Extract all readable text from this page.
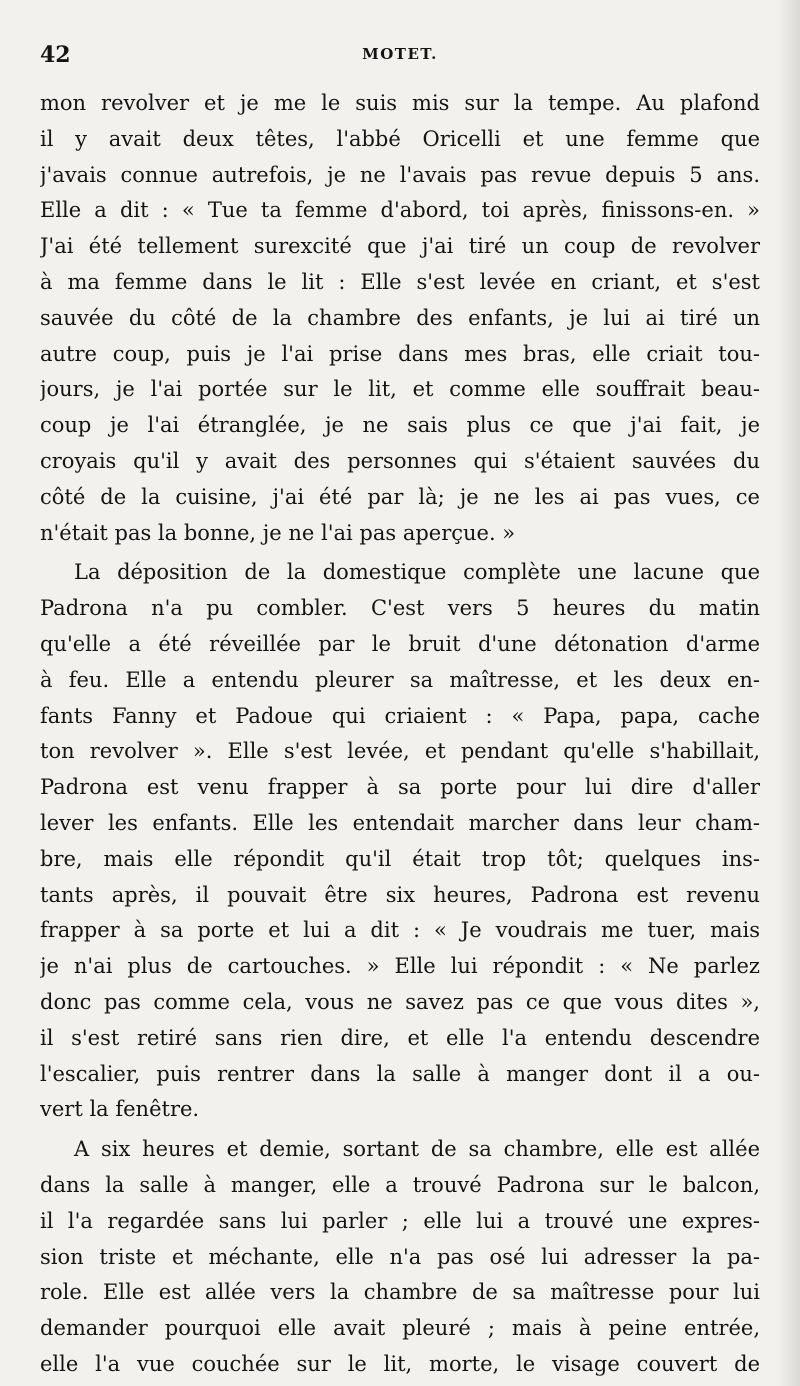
42	MOTET.
mon revolver et je me le suis mis sur la tempe. Au plafond
il y avait deux têtes, l'abbé Oricelli et une femme que
j'avais connue autrefois, je ne l'avais pas revue depuis 5 ans.
Elle a dit : « Tue ta femme d'abord, toi après, finissons-en. »
J'ai été tellement surexcité que j'ai tiré un coup de revolver
à ma femme dans le lit : Elle s'est levée en criant, et s'est
sauvée du côté de la chambre des enfants, je lui ai tiré un
autre coup, puis je l'ai prise dans mes bras, elle criait tou-
jours, je l'ai portée sur le lit, et comme elle souffrait beau-
coup je l'ai étranglée, je ne sais plus ce que j'ai fait, je
croyais qu'il y avait des personnes qui s'étaient sauvées du
côté de la cuisine, j'ai été par là; je ne les ai pas vues, ce
n'était pas la bonne, je ne l'ai pas aperçue. »
La déposition de la domestique complète une lacune que
Padrona n'a pu combler. C'est vers 5 heures du matin
qu'elle a été réveillée par le bruit d'une détonation d'arme
à feu. Elle a entendu pleurer sa maîtresse, et les deux en-
fants Fanny et Padoue qui criaient : « Papa, papa, cache
ton revolver ». Elle s'est levée, et pendant qu'elle s'habillait,
Padrona est venu frapper à sa porte pour lui dire d'aller
lever les enfants. Elle les entendait marcher dans leur cham-
bre, mais elle répondit qu'il était trop tôt; quelques ins-
tants après, il pouvait être six heures, Padrona est revenu
frapper à sa porte et lui a dit : « Je voudrais me tuer, mais
je n'ai plus de cartouches. » Elle lui répondit : « Ne parlez
donc pas comme cela, vous ne savez pas ce que vous dites »,
il s'est retiré sans rien dire, et elle l'a entendu descendre
l'escalier, puis rentrer dans la salle à manger dont il a ou-
vert la fenêtre.
A six heures et demie, sortant de sa chambre, elle est allée
dans la salle à manger, elle a trouvé Padrona sur le balcon,
il l'a regardée sans lui parler ; elle lui a trouvé une expres-
sion triste et méchante, elle n'a pas osé lui adresser la pa-
role. Elle est allée vers la chambre de sa maîtresse pour lui
demander pourquoi elle avait pleuré ; mais à peine entrée,
elle l'a vue couchée sur le lit, morte, le visage couvert de
